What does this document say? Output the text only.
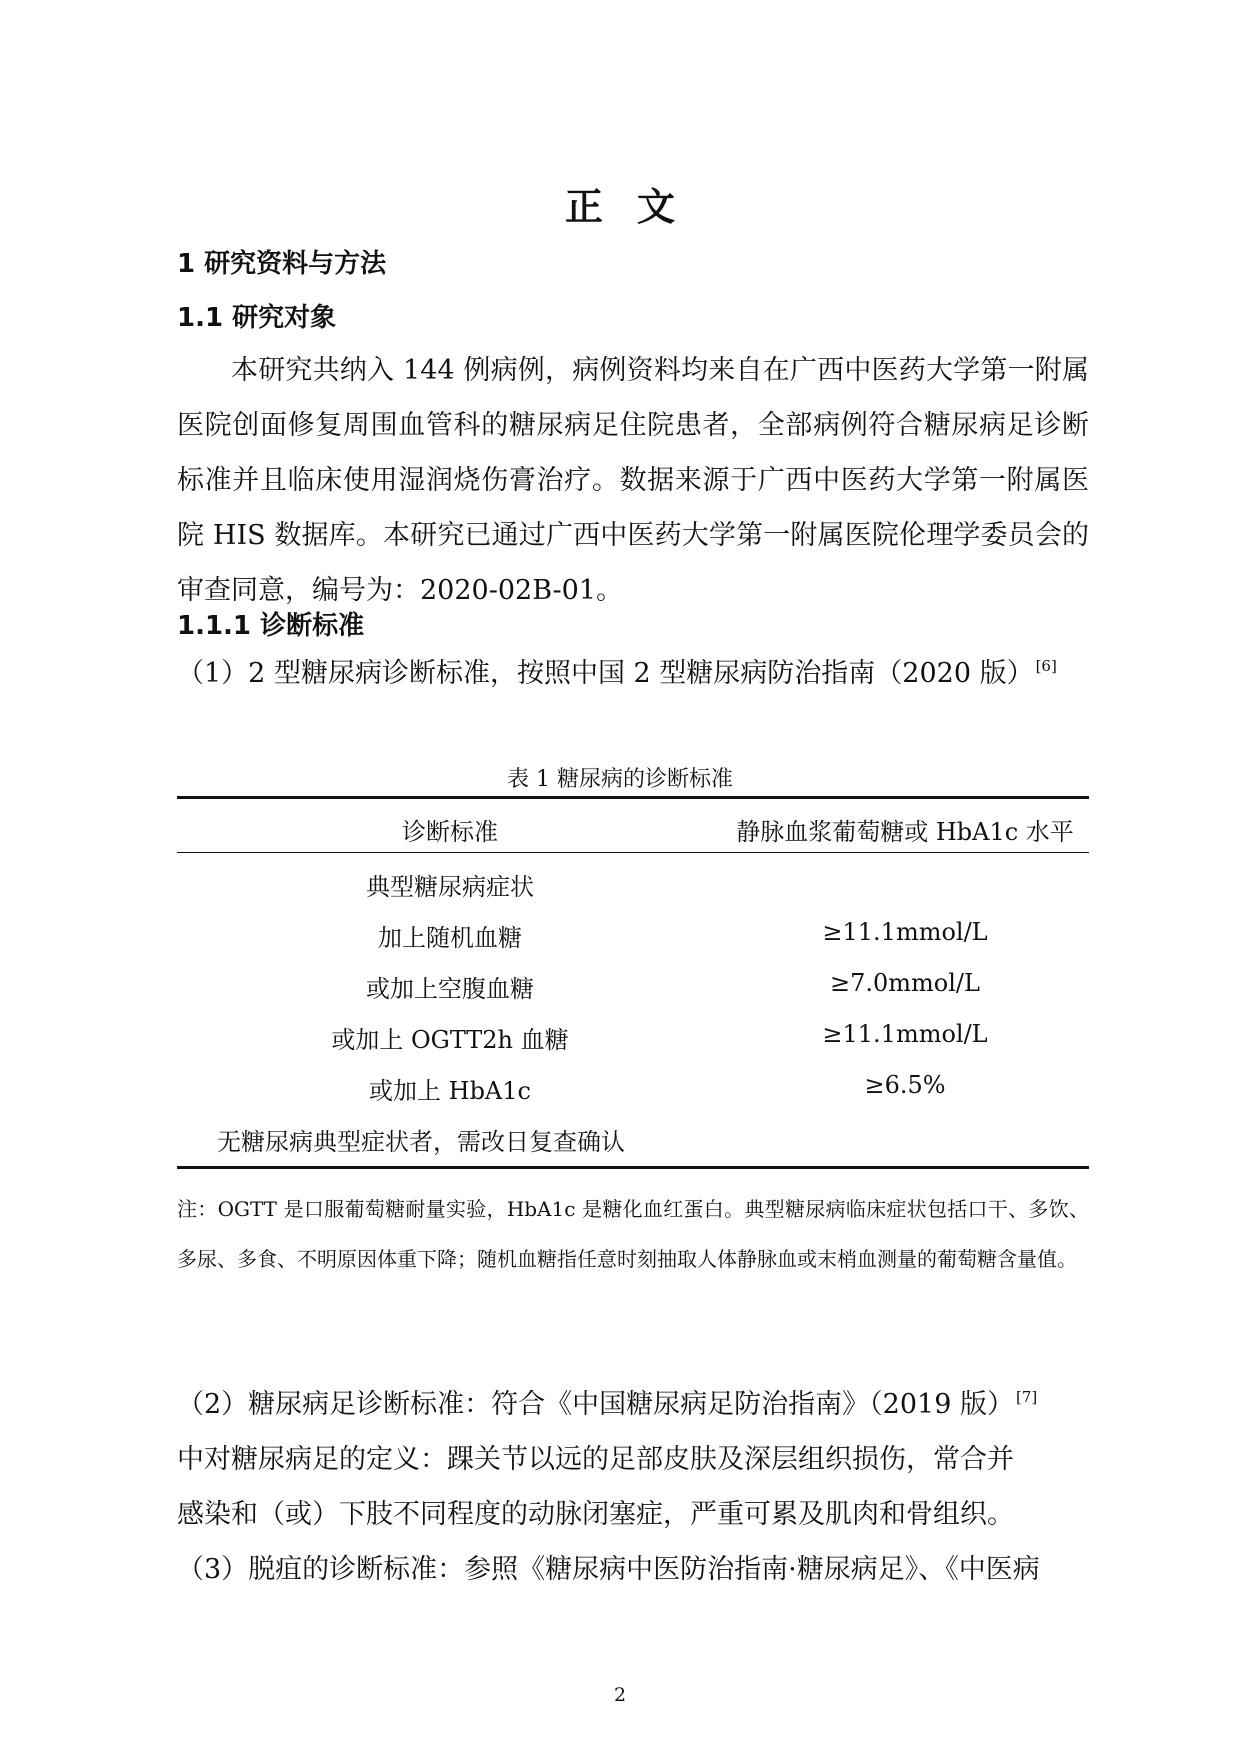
正文
1 研究资料与方法
1.1 研究对象
本研究共纳入 144 例病例，病例资料均来自在广西中医药大学第一附属医院创面修复周围血管科的糖尿病足住院患者，全部病例符合糖尿病足诊断标准并且临床使用湿润烧伤膏治疗。数据来源于广西中医药大学第一附属医院 HIS 数据库。本研究已通过广西中医药大学第一附属医院伦理学委员会的审查同意，编号为：2020-02B-01。
1.1.1 诊断标准
（1）2 型糖尿病诊断标准，按照中国 2 型糖尿病防治指南（2020 版） [6]
表 1 糖尿病的诊断标准
诊断标准	静脉血浆葡萄糖或 HbA1c 水平
典型糖尿病症状
加上随机血糖	≥11.1mmol/L
或加上空腹血糖	≥7.0mmol/L
或加上 OGTT2h 血糖	≥11.1mmol/L
或加上 HbA1c	≥6.5%
无糖尿病典型症状者，需改日复查确认
注：OGTT 是口服葡萄糖耐量实验，HbA1c 是糖化血红蛋白。典型糖尿病临床症状包括口干、多饮、多尿、多食、不明原因体重下降；随机血糖指任意时刻抽取人体静脉血或末梢血测量的葡萄糖含量值。
（2）糖尿病足诊断标准：符合《中国糖尿病足防治指南》（2019 版） [7]
中对糖尿病足的定义：踝关节以远的足部皮肤及深层组织损伤，常合并
感染和（或）下肢不同程度的动脉闭塞症，严重可累及肌肉和骨组织。
（3）脱疽的诊断标准：参照《糖尿病中医防治指南·糖尿病足》、《中医病
2
